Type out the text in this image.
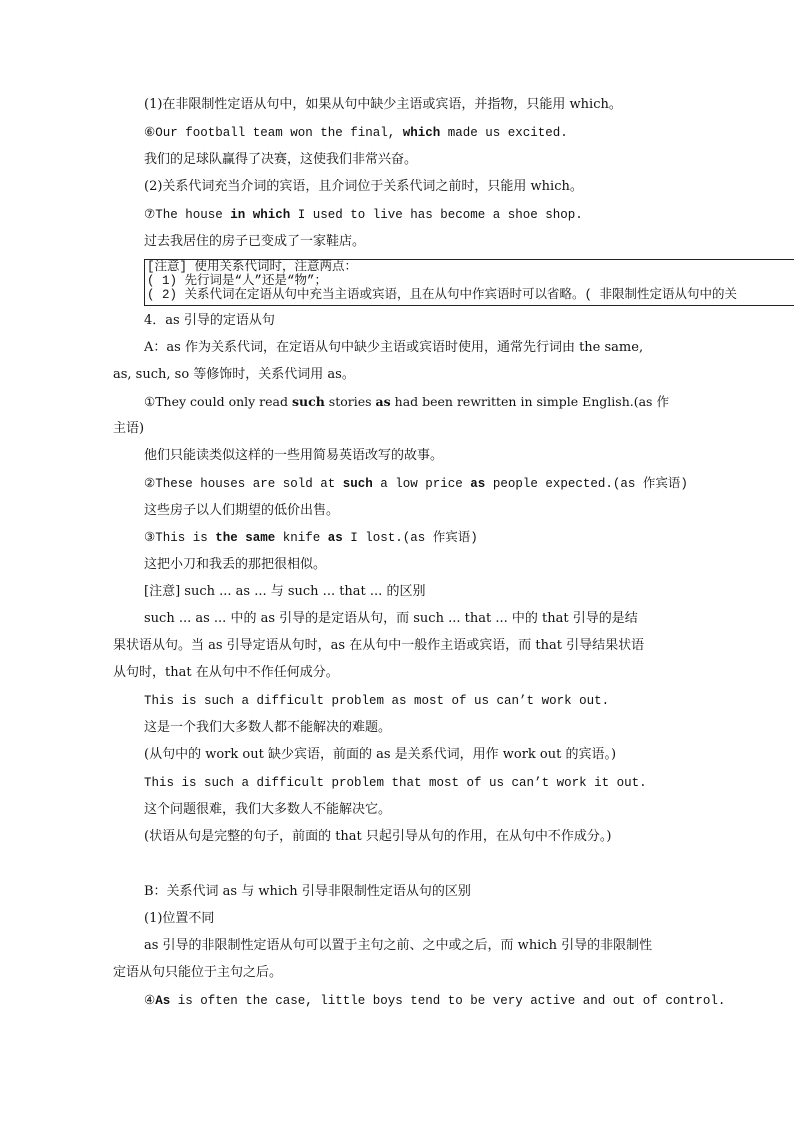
(1)在非限制性定语从句中，如果从句中缺少主语或宾语，并指物，只能用 which。
⑥Our football team won the final, which made us excited.
我们的足球队赢得了决赛，这使我们非常兴奋。
(2)关系代词充当介词的宾语，且介词位于关系代词之前时，只能用 which。
⑦The house in which I used to live has become a shoe shop.
过去我居住的房子已变成了一家鞋店。
[注意] 使用关系代词时，注意两点：
( 1) 先行词是“人”还是“物”；
( 2) 关系代词在定语从句中充当主语或宾语，且在从句中作宾语时可以省略。( 非限制性定语从句中的关
4．as 引导的定语从句
A：as 作为关系代词，在定语从句中缺少主语或宾语时使用，通常先行词由 the same,
as, such, so 等修饰时，关系代词用 as。
①They could only read such stories as had been rewritten in simple English.(as 作
主语)
他们只能读类似这样的一些用简易英语改写的故事。
②These houses are sold at such a low price as people expected.(as 作宾语)
这些房子以人们期望的低价出售。
③This is the same knife as I lost.(as 作宾语)
这把小刀和我丢的那把很相似。
[注意] such ... as ... 与 such ... that ... 的区别
such ... as ... 中的 as 引导的是定语从句，而 such ... that ... 中的 that 引导的是结
果状语从句。当 as 引导定语从句时，as 在从句中一般作主语或宾语，而 that 引导结果状语
从句时，that 在从句中不作任何成分。
This is such a difficult problem as most of us can’t work out.
这是一个我们大多数人都不能解决的难题。
(从句中的 work out 缺少宾语，前面的 as 是关系代词，用作 work out 的宾语。)
This is such a difficult problem that most of us can’t work it out.
这个问题很难，我们大多数人不能解决它。
(状语从句是完整的句子，前面的 that 只起引导从句的作用，在从句中不作成分。)
B：关系代词 as 与 which 引导非限制性定语从句的区别
(1)位置不同
as 引导的非限制性定语从句可以置于主句之前、之中或之后，而 which 引导的非限制性
定语从句只能位于主句之后。
④As is often the case, little boys tend to be very active and out of control.
